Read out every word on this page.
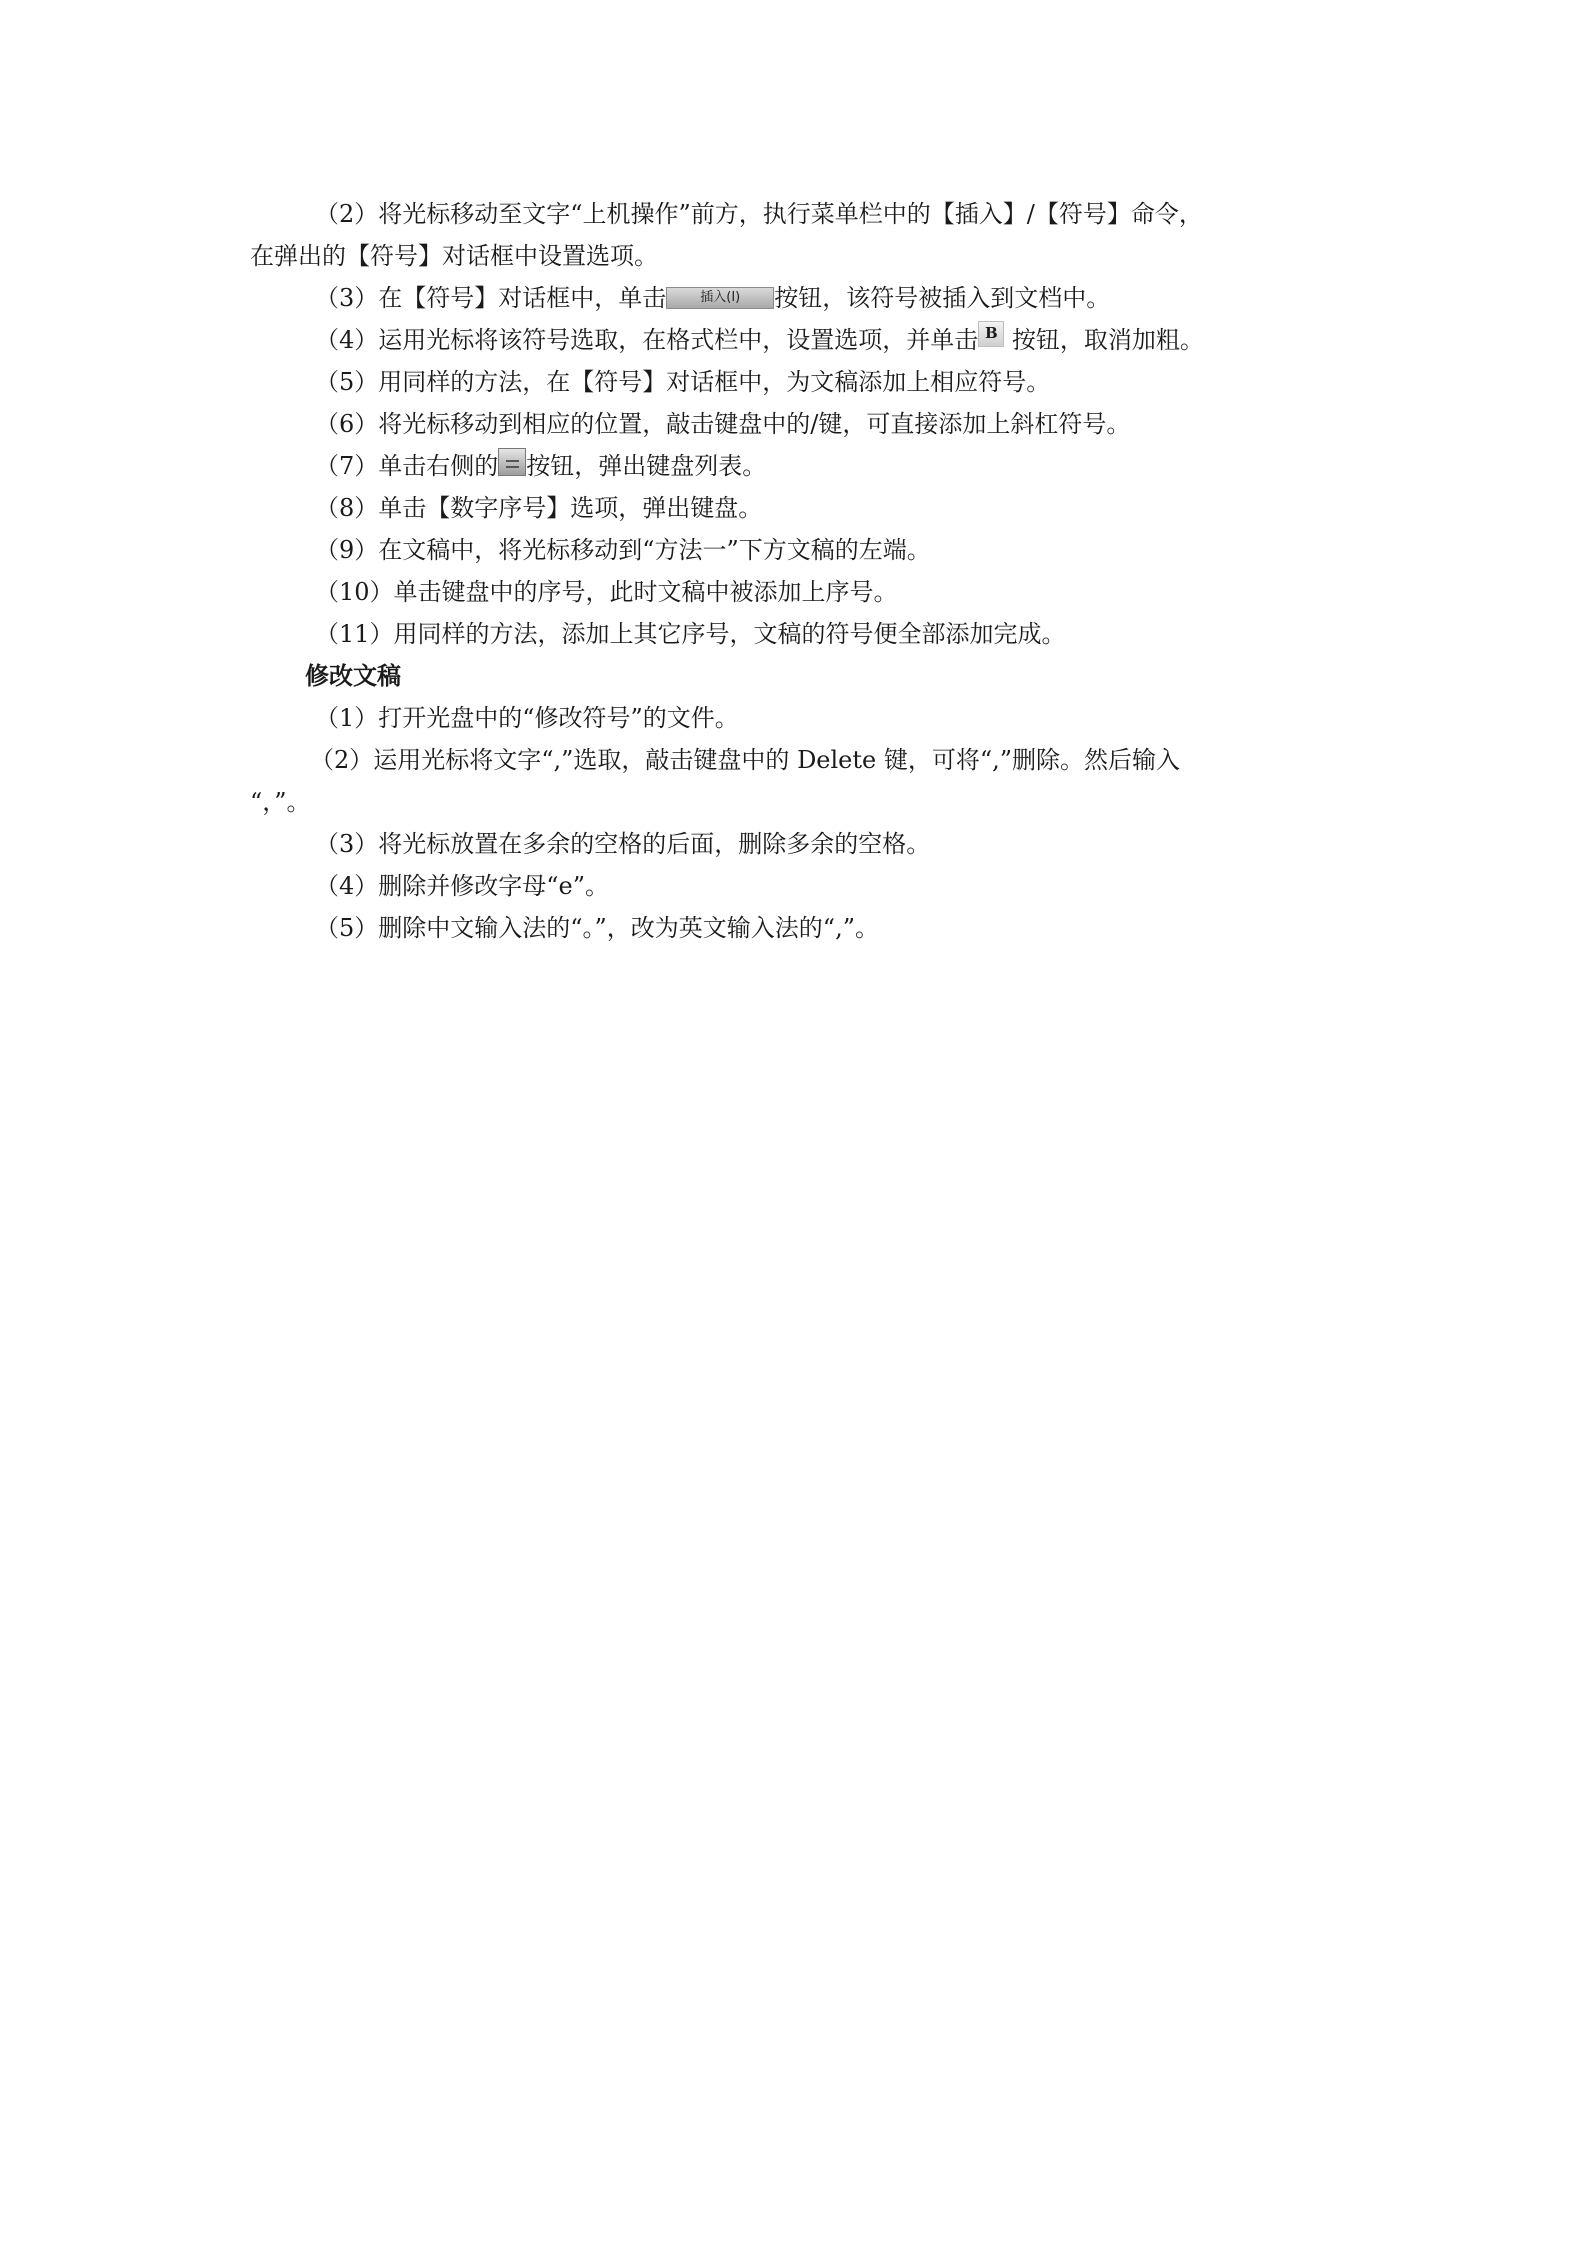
（2）将光标移动至文字“上机操作”前方，执行菜单栏中的【插入】/【符号】命令，
在弹出的【符号】对话框中设置选项。
（3）在【符号】对话框中，单击	插入(I) 按钮，该符号被插入到文档中。
（4）运用光标将该符号选取，在格式栏中，设置选项，并单击 B 按钮，取消加粗。
（5）用同样的方法，在【符号】对话框中，为文稿添加上相应符号。
（6）将光标移动到相应的位置，敲击键盘中的/键，可直接添加上斜杠符号。
（7）单击右侧的 按钮，弹出键盘列表。
（8）单击【数字序号】选项，弹出键盘。
（9）在文稿中，将光标移动到“方法一”下方文稿的左端。
（10）单击键盘中的序号，此时文稿中被添加上序号。
（11）用同样的方法，添加上其它序号，文稿的符号便全部添加完成。
修改文稿
（1）打开光盘中的“修改符号”的文件。
（2）运用光标将文字“,”选取，敲击键盘中的 Delete 键，可将“,”删除。然后输入
“，”。
（3）将光标放置在多余的空格的后面，删除多余的空格。
（4）删除并修改字母“e”。
（5）删除中文输入法的“。”，改为英文输入法的“,”。
